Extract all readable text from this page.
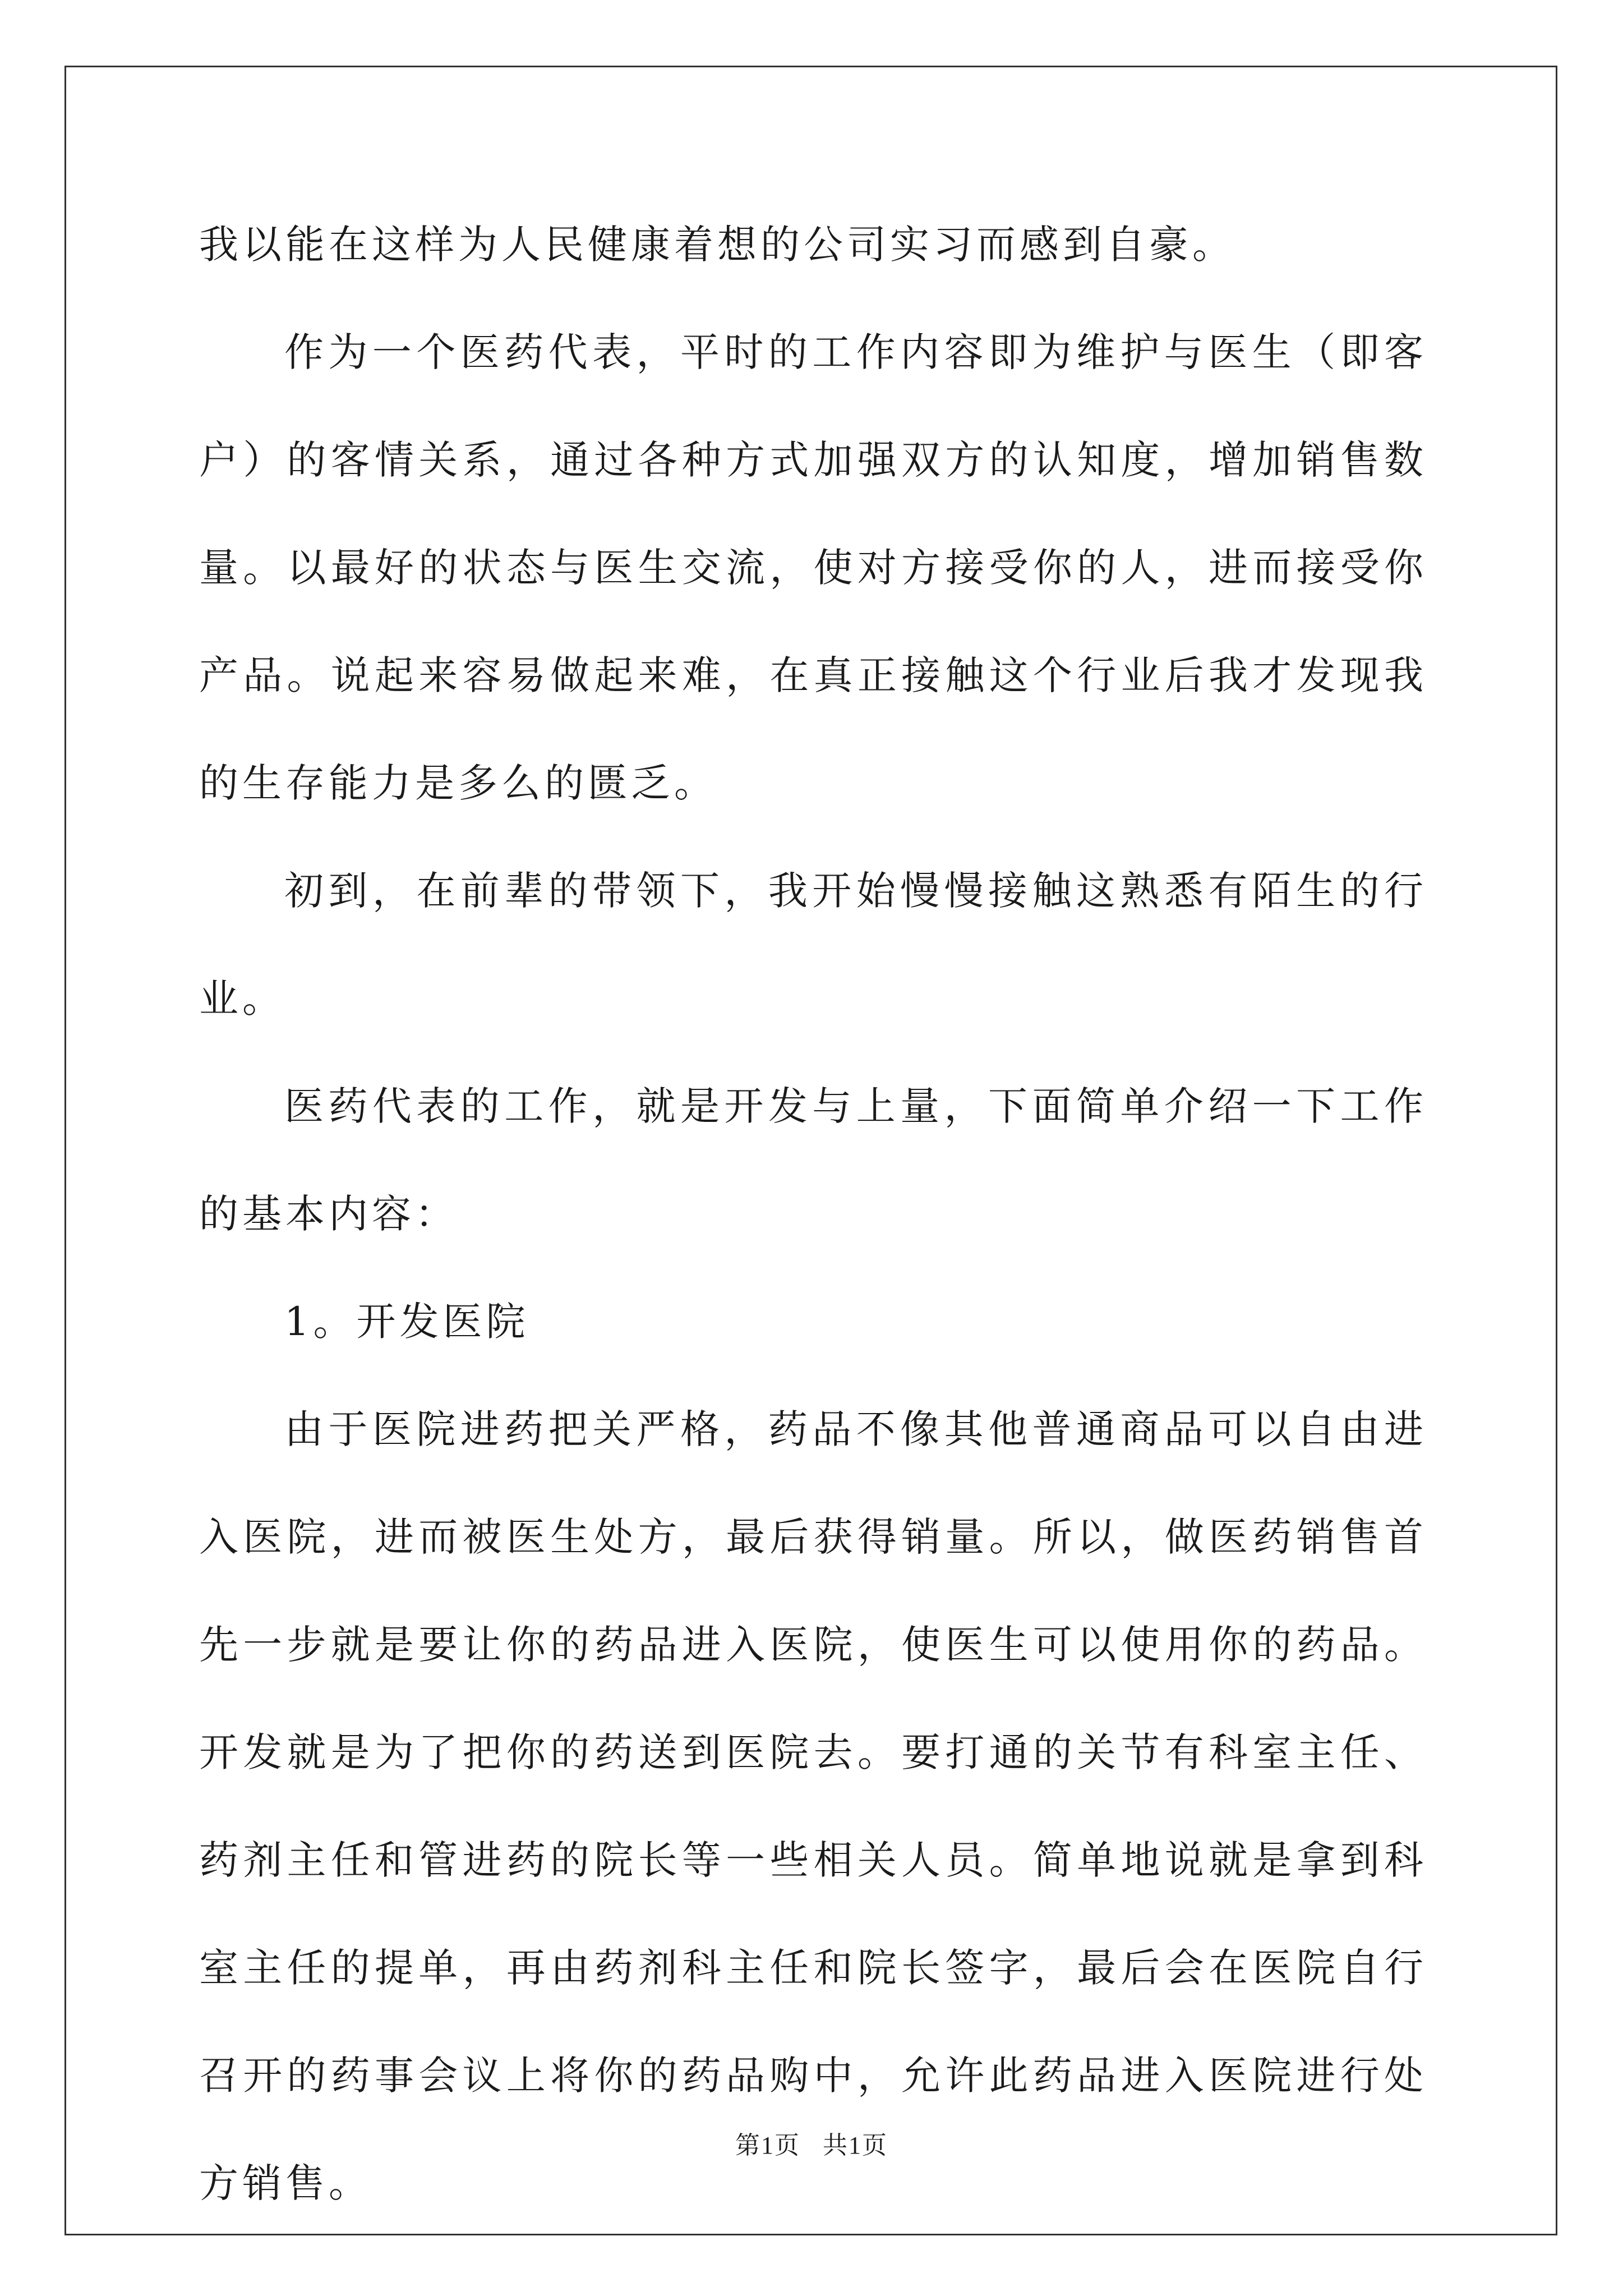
我以能在这样为人民健康着想的公司实习而感到自豪。

作为一个医药代表，平时的工作内容即为维护与医生（即客户）的客情关系，通过各种方式加强双方的认知度，增加销售数量。以最好的状态与医生交流，使对方接受你的人，进而接受你产品。说起来容易做起来难，在真正接触这个行业后我才发现我的生存能力是多么的匮乏。

初到，在前辈的带领下，我开始慢慢接触这熟悉有陌生的行业。

医药代表的工作，就是开发与上量，下面简单介绍一下工作的基本内容：

1。开发医院

由于医院进药把关严格，药品不像其他普通商品可以自由进入医院，进而被医生处方，最后获得销量。所以，做医药销售首先一步就是要让你的药品进入医院，使医生可以使用你的药品。开发就是为了把你的药送到医院去。要打通的关节有科室主任、药剂主任和管进药的院长等一些相关人员。简单地说就是拿到科室主任的提单，再由药剂科主任和院长签字，最后会在医院自行召开的药事会议上将你的药品购中，允许此药品进入医院进行处方销售。

第1页 共1页
